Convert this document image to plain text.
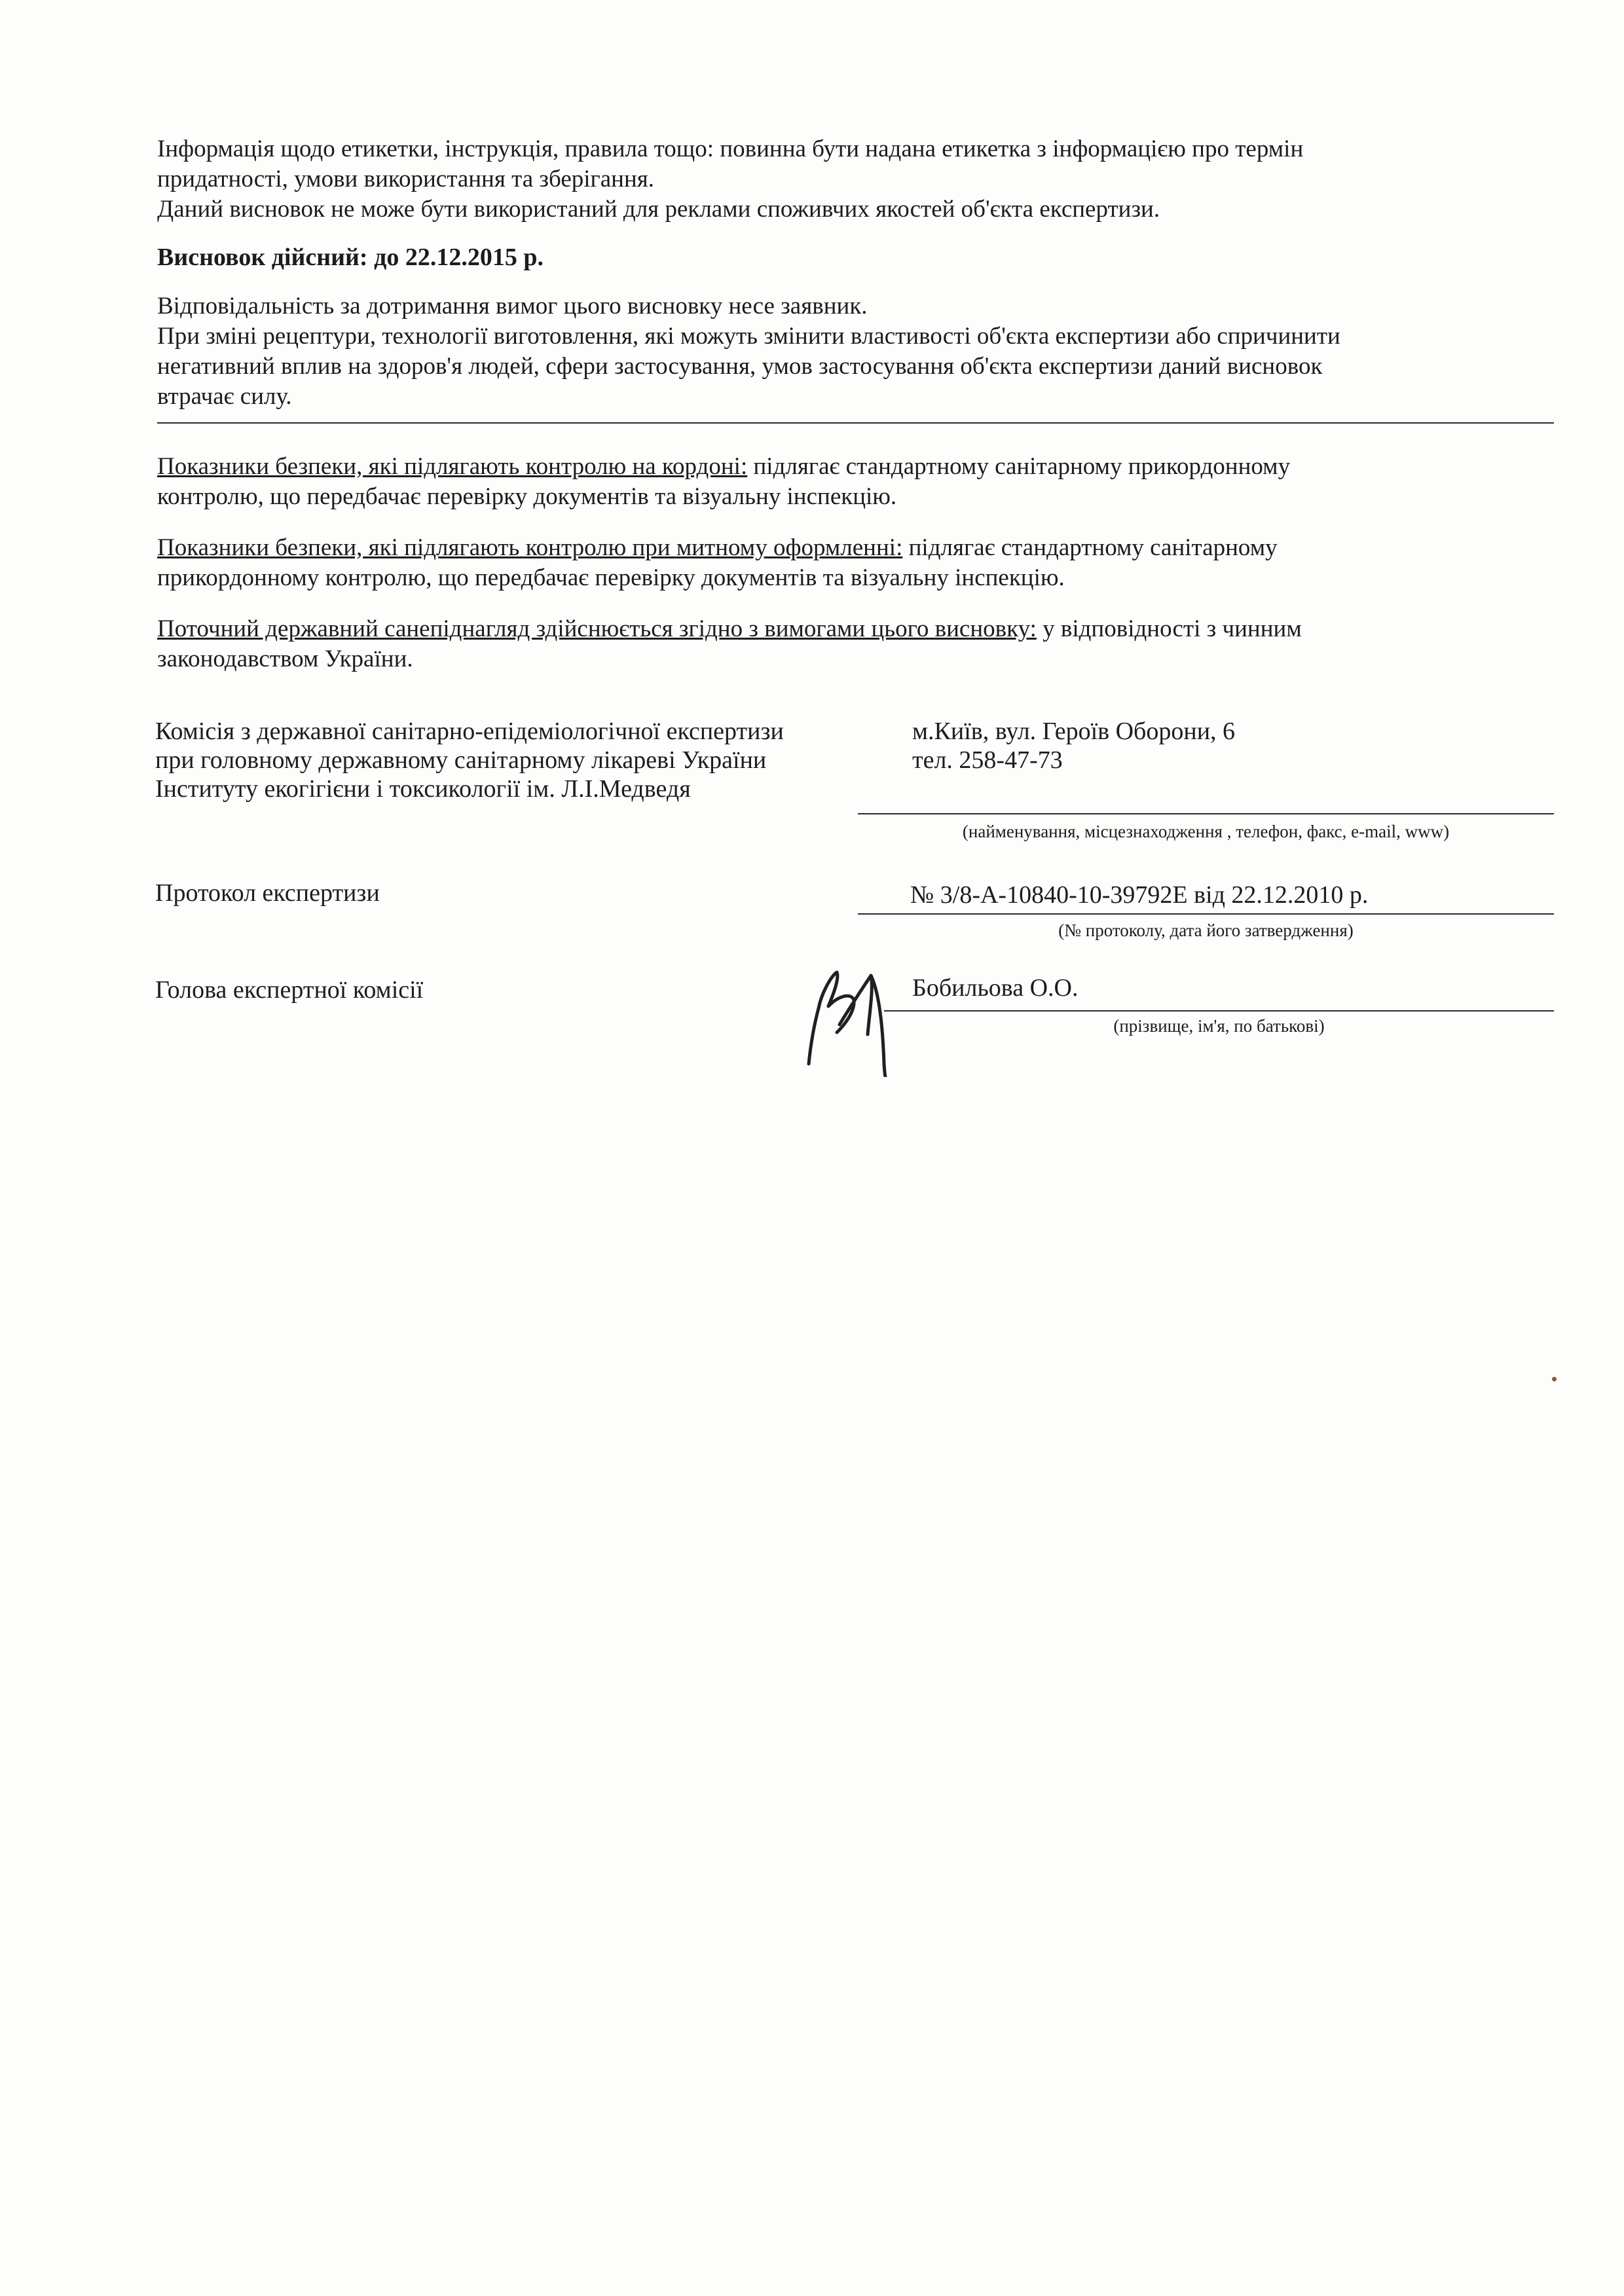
Інформація щодо етикетки, інструкція, правила тощо: повинна бути надана етикетка з інформацією про термін

придатності, умови використання та зберігання.

Даний висновок не може бути використаний для реклами споживчих якостей об'єкта експертизи.

Висновок дійсний: до 22.12.2015 р.

Відповідальність за дотримання вимог цього висновку несе заявник.

При зміні рецептури, технології виготовлення, які можуть змінити властивості об'єкта експертизи або спричинити

негативний вплив на здоров'я людей, сфери застосування, умов застосування об'єкта експертизи даний висновок

втрачає силу.

Показники безпеки, які підлягають контролю на кордоні: підлягає стандартному санітарному прикордонному
контролю, що передбачає перевірку документів та візуальну інспекцію.

Показники безпеки, які підлягають контролю при митному оформленні: підлягає стандартному санітарному
прикордонному контролю, що передбачає перевірку документів та візуальну інспекцію.

Поточний державний санепіднагляд здійснюється згідно з вимогами цього висновку: у відповідності з чинним
законодавством України.

Комісія з державної санітарно-епідеміологічної експертизи
при головному державному санітарному лікареві України
Інституту екогігієни і токсикології ім. Л.І.Медведя
м.Київ, вул. Героїв Оборони, 6
тел. 258-47-73
(найменування, місцезнаходження , телефон, факс, e-mail, www)
Протокол експертизи	№ 3/8-А-10840-10-39792Е від 22.12.2010 р.
(№ протоколу, дата його затвердження)
Голова експертної комісії	Бобильова О.О.
(прізвище, ім'я, по батькові)
